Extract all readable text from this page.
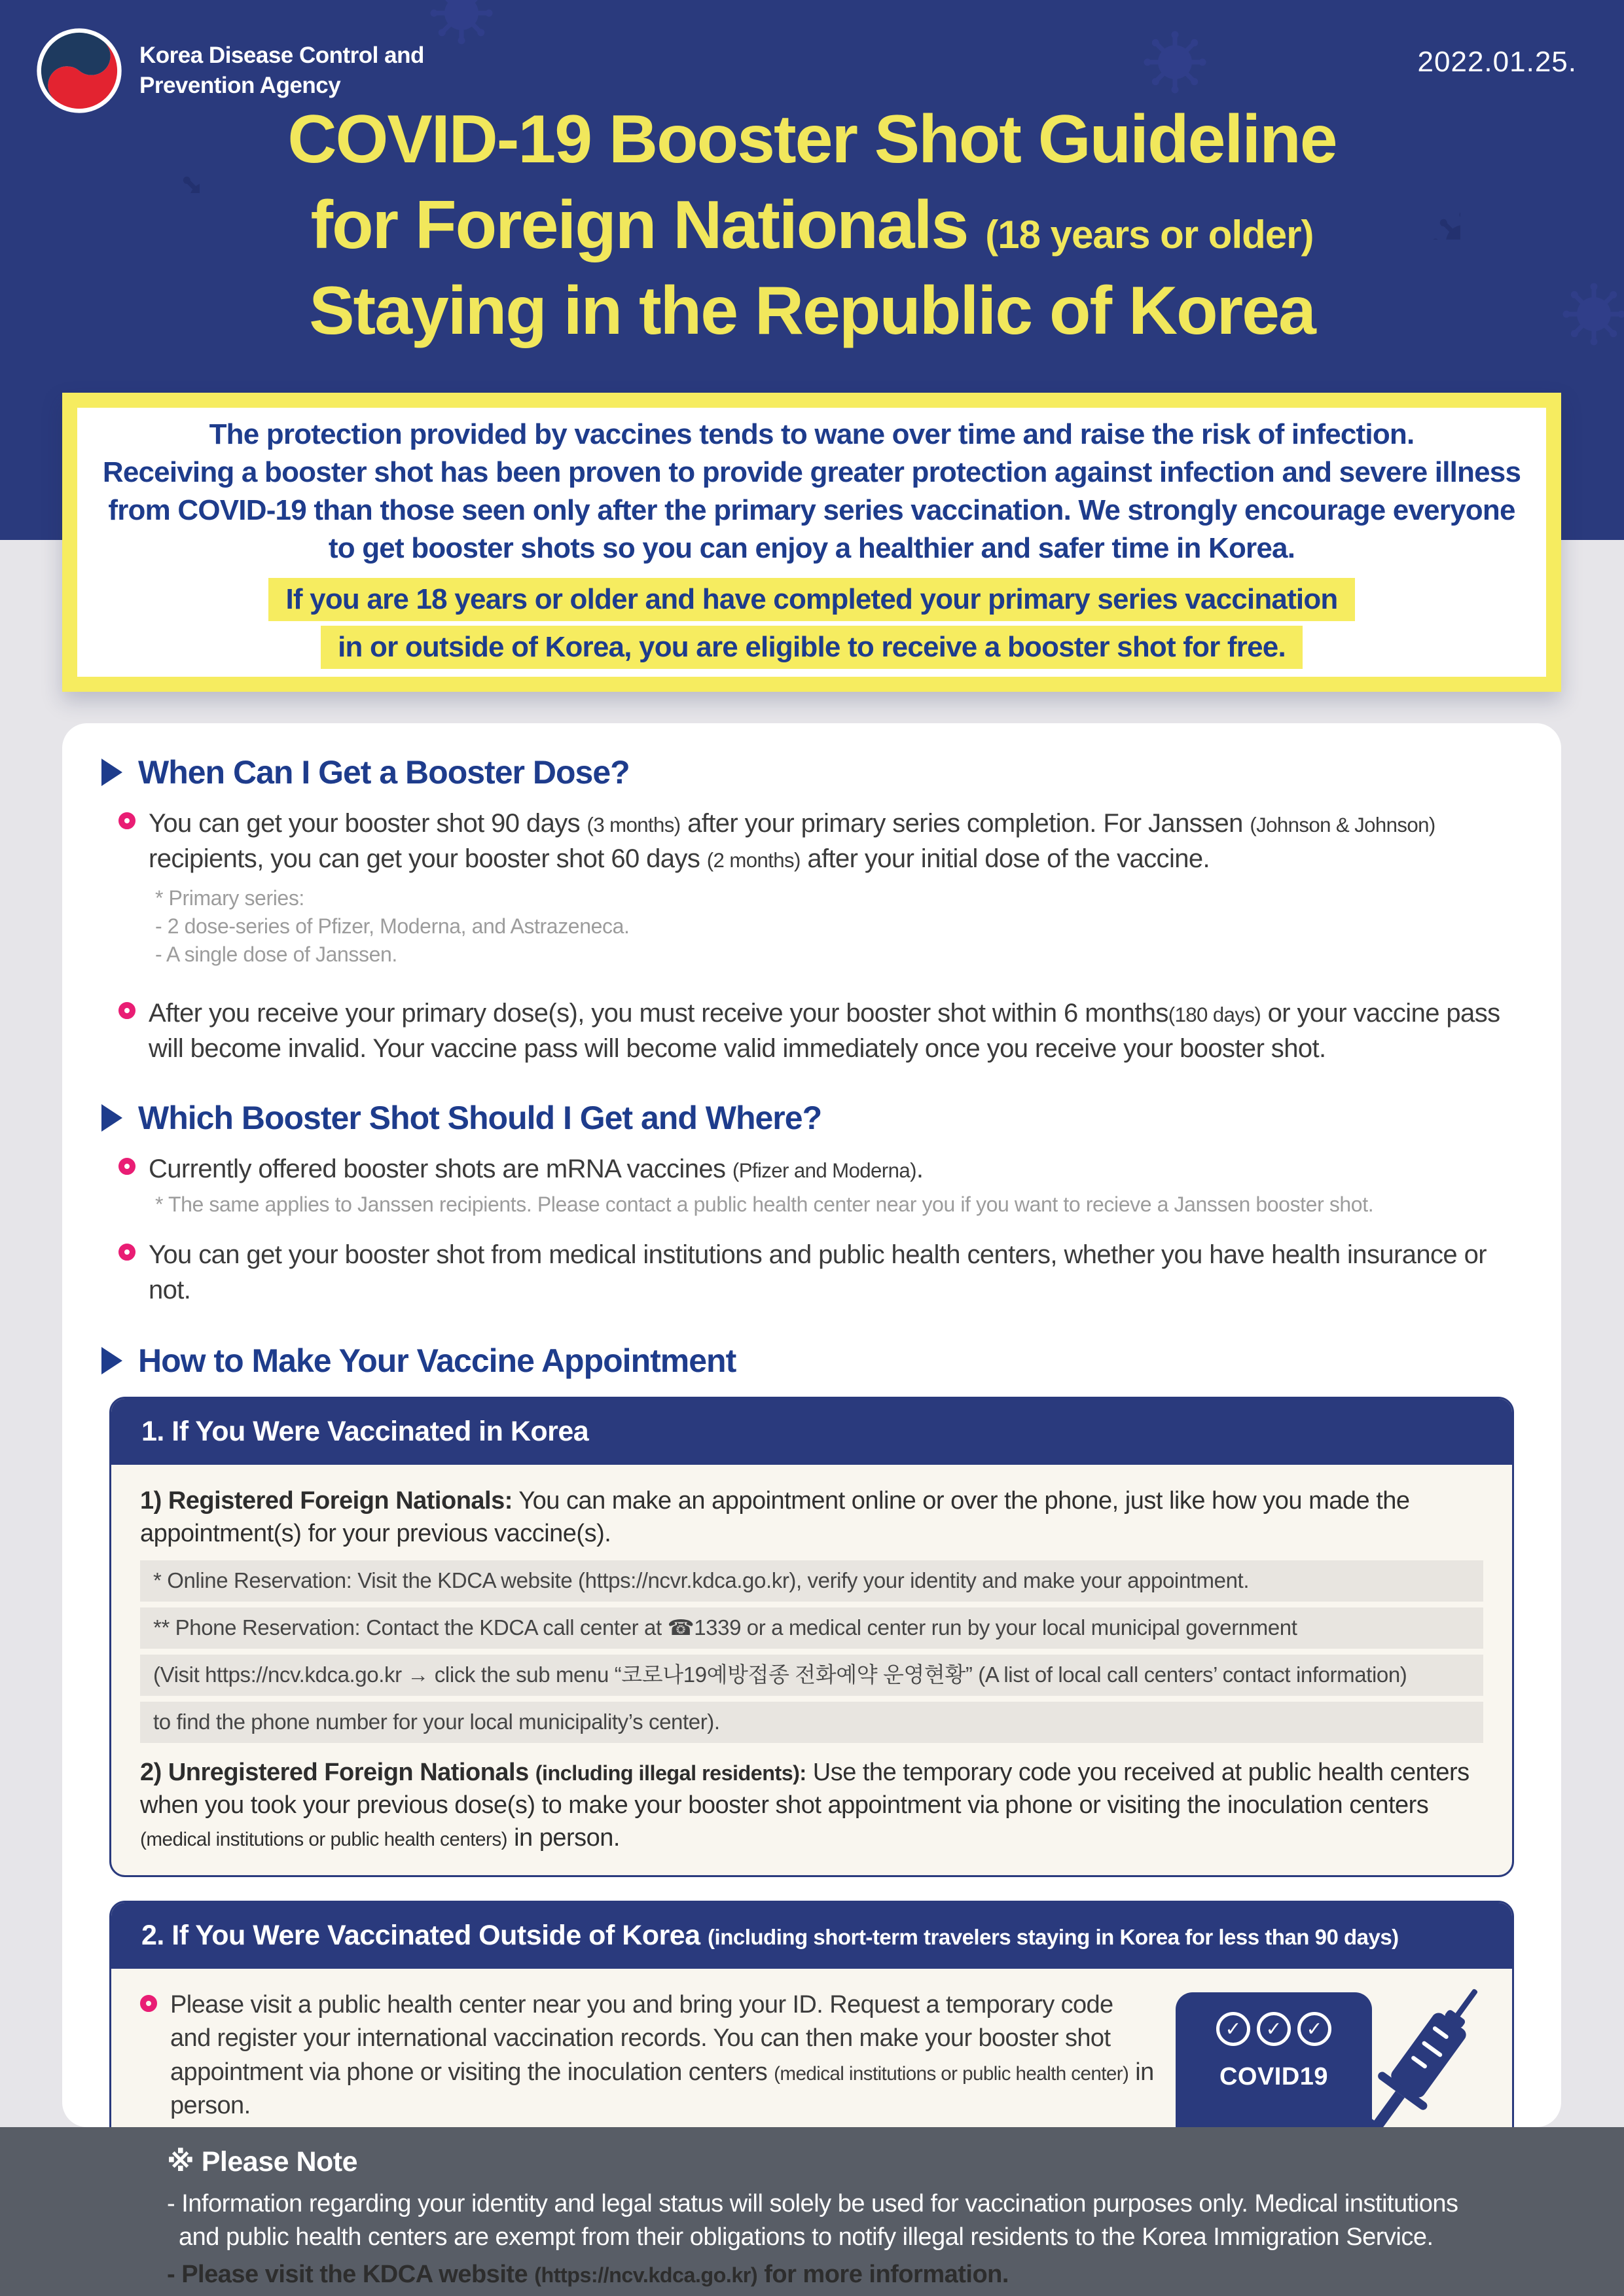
Korea Disease Control and
Prevention Agency
2022.01.25.
COVID-19 Booster Shot Guideline
for Foreign Nationals (18 years or older)
Staying in the Republic of Korea
The protection provided by vaccines tends to wane over time and raise the risk of infection.
Receiving a booster shot has been proven to provide greater protection against infection and severe illness
from COVID-19 than those seen only after the primary series vaccination. We strongly encourage everyone
to get booster shots so you can enjoy a healthier and safer time in Korea.
If you are 18 years or older and have completed your primary series vaccination
in or outside of Korea, you are eligible to receive a booster shot for free.
When Can I Get a Booster Dose?
You can get your booster shot 90 days (3 months) after your primary series completion. For Janssen (Johnson & Johnson) recipients, you can get your booster shot 60 days (2 months) after your initial dose of the vaccine.
* Primary series:
- 2 dose-series of Pfizer, Moderna, and Astrazeneca.
- A single dose of Janssen.
After you receive your primary dose(s), you must receive your booster shot within 6 months(180 days) or your vaccine pass will become invalid. Your vaccine pass will become valid immediately once you receive your booster shot.
Which Booster Shot Should I Get and Where?
Currently offered booster shots are mRNA vaccines (Pfizer and Moderna).
* The same applies to Janssen recipients. Please contact a public health center near you if you want to recieve a Janssen booster shot.
You can get your booster shot from medical institutions and public health centers, whether you have health insurance or not.
How to Make Your Vaccine Appointment
1. If You Were Vaccinated in Korea
1) Registered Foreign Nationals: You can make an appointment online or over the phone, just like how you made the appointment(s) for your previous vaccine(s).
* Online Reservation: Visit the KDCA website (https://ncvr.kdca.go.kr), verify your identity and make your appointment.
** Phone Reservation: Contact the KDCA call center at ☎1339 or a medical center run by your local municipal government
(Visit https://ncv.kdca.go.kr → click the sub menu “코로나19예방접종 전화예약 운영현황” (A list of local call centers’ contact information)
to find the phone number for your local municipality’s center).
2) Unregistered Foreign Nationals (including illegal residents): Use the temporary code you received at public health centers when you took your previous dose(s) to make your booster shot appointment via phone or visiting the inoculation centers (medical institutions or public health centers) in person.
2. If You Were Vaccinated Outside of Korea (including short-term travelers staying in Korea for less than 90 days)
Please visit a public health center near you and bring your ID. Request a temporary code and register your international vaccination records. You can then make your booster shot appointment via phone or visiting the inoculation centers (medical institutions or public health center) in person.
✓	✓	✓
COVID19
※ Please Note
- Information regarding your identity and legal status will solely be used for vaccination purposes only. Medical institutions
and public health centers are exempt from their obligations to notify illegal residents to the Korea Immigration Service.
- Please visit the KDCA website (https://ncv.kdca.go.kr) for more information.
